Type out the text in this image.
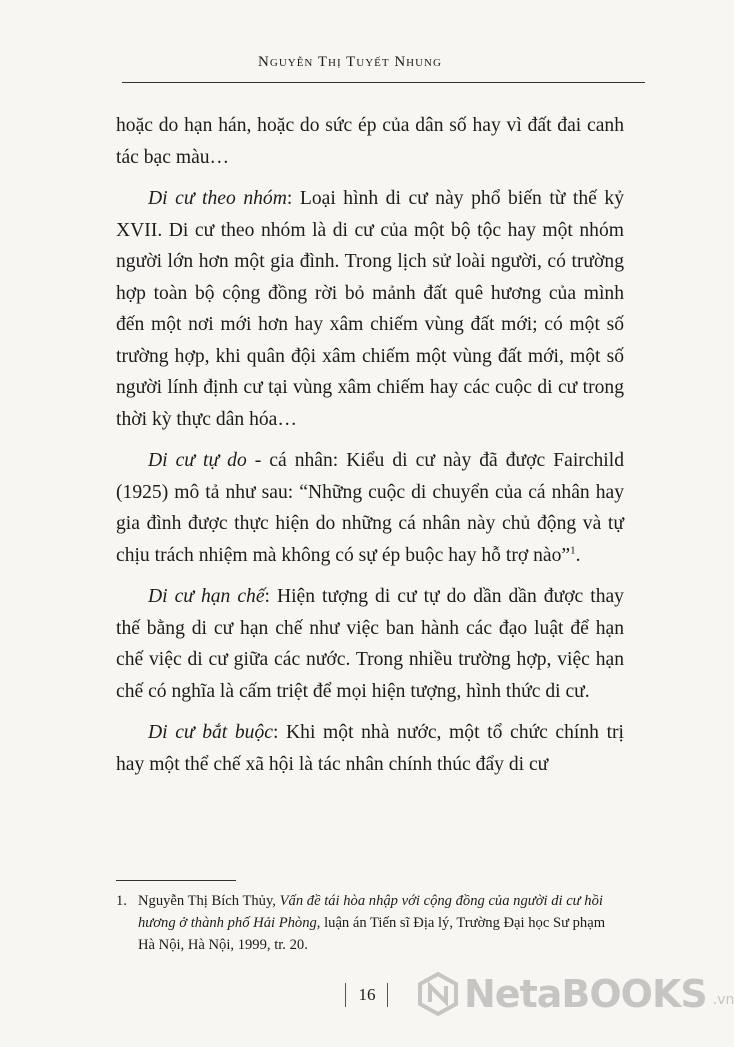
Nguyễn Thị Tuyết Nhung

hoặc do hạn hán, hoặc do sức ép của dân số hay vì đất đai canh tác bạc màu…

Di cư theo nhóm: Loại hình di cư này phổ biến từ thế kỷ XVII. Di cư theo nhóm là di cư của một bộ tộc hay một nhóm người lớn hơn một gia đình. Trong lịch sử loài người, có trường hợp toàn bộ cộng đồng rời bỏ mảnh đất quê hương của mình đến một nơi mới hơn hay xâm chiếm vùng đất mới; có một số trường hợp, khi quân đội xâm chiếm một vùng đất mới, một số người lính định cư tại vùng xâm chiếm hay các cuộc di cư trong thời kỳ thực dân hóa…

Di cư tự do - cá nhân: Kiểu di cư này đã được Fairchild (1925) mô tả như sau: “Những cuộc di chuyển của cá nhân hay gia đình được thực hiện do những cá nhân này chủ động và tự chịu trách nhiệm mà không có sự ép buộc hay hỗ trợ nào”$^1$.

Di cư hạn chế: Hiện tượng di cư tự do dần dần được thay thế bằng di cư hạn chế như việc ban hành các đạo luật để hạn chế việc di cư giữa các nước. Trong nhiều trường hợp, việc hạn chế có nghĩa là cấm triệt để mọi hiện tượng, hình thức di cư.

Di cư bắt buộc: Khi một nhà nước, một tổ chức chính trị hay một thể chế xã hội là tác nhân chính thúc đẩy di cư

1. Nguyễn Thị Bích Thủy, Vấn đề tái hòa nhập với cộng đồng của người di cư hồi hương ở thành phố Hải Phòng, luận án Tiến sĩ Địa lý, Trường Đại học Sư phạm Hà Nội, Hà Nội, 1999, tr. 20.
16	NetaBOOKS .vn
